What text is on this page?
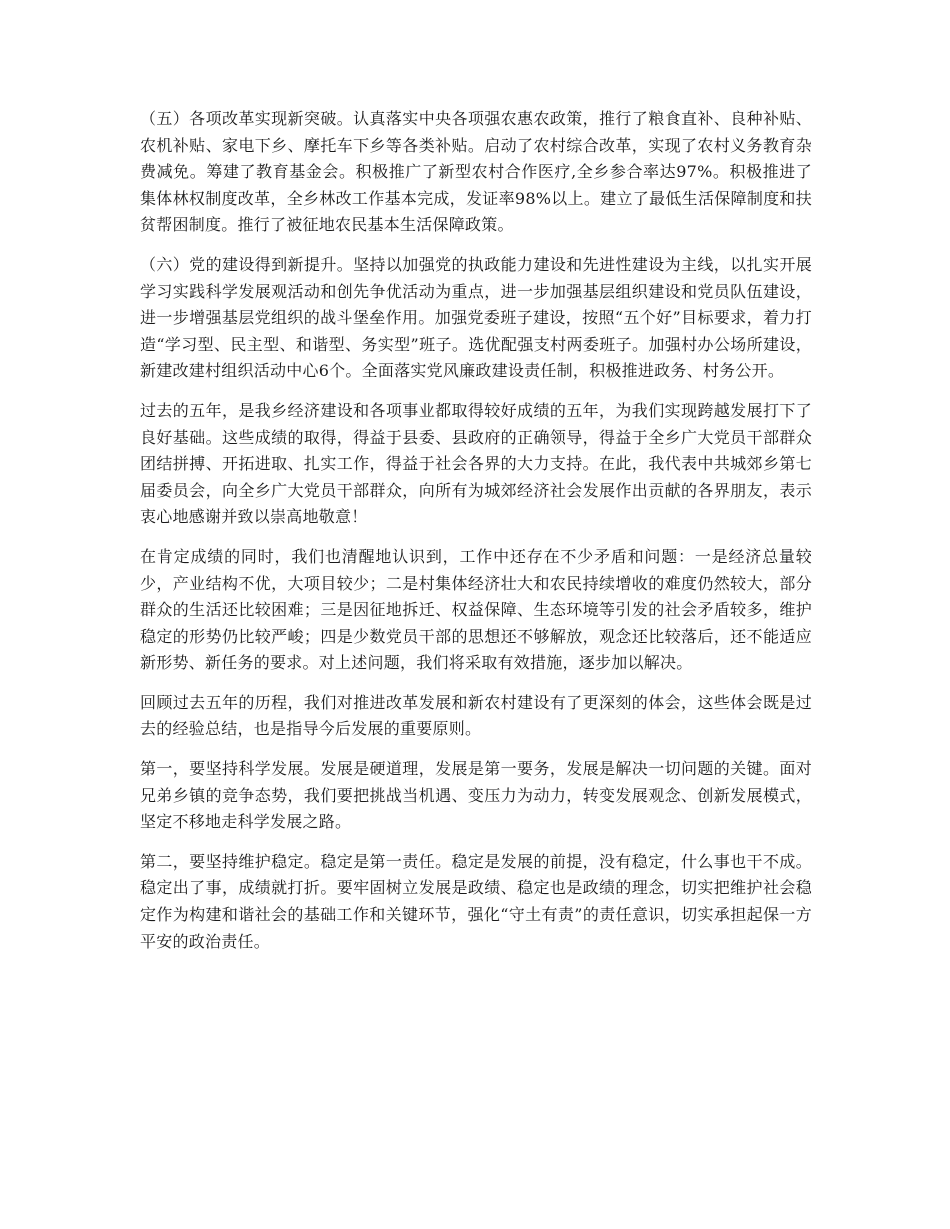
（五）各项改革实现新突破。认真落实中央各项强农惠农政策，推行了粮食直补、良种补贴、农机补贴、家电下乡、摩托车下乡等各类补贴。启动了农村综合改革，实现了农村义务教育杂费减免。筹建了教育基金会。积极推广了新型农村合作医疗,全乡参合率达97%。积极推进了集体林权制度改革，全乡林改工作基本完成，发证率98%以上。建立了最低生活保障制度和扶贫帮困制度。推行了被征地农民基本生活保障政策。

（六）党的建设得到新提升。坚持以加强党的执政能力建设和先进性建设为主线，以扎实开展学习实践科学发展观活动和创先争优活动为重点，进一步加强基层组织建设和党员队伍建设，进一步增强基层党组织的战斗堡垒作用。加强党委班子建设，按照“五个好”目标要求，着力打造“学习型、民主型、和谐型、务实型”班子。选优配强支村两委班子。加强村办公场所建设，新建改建村组织活动中心6个。全面落实党风廉政建设责任制，积极推进政务、村务公开。

过去的五年，是我乡经济建设和各项事业都取得较好成绩的五年，为我们实现跨越发展打下了良好基础。这些成绩的取得，得益于县委、县政府的正确领导，得益于全乡广大党员干部群众团结拼搏、开拓进取、扎实工作，得益于社会各界的大力支持。在此，我代表中共城郊乡第七届委员会，向全乡广大党员干部群众，向所有为城郊经济社会发展作出贡献的各界朋友，表示衷心地感谢并致以崇高地敬意！

在肯定成绩的同时，我们也清醒地认识到，工作中还存在不少矛盾和问题：一是经济总量较少，产业结构不优，大项目较少；二是村集体经济壮大和农民持续增收的难度仍然较大，部分群众的生活还比较困难；三是因征地拆迁、权益保障、生态环境等引发的社会矛盾较多，维护稳定的形势仍比较严峻；四是少数党员干部的思想还不够解放，观念还比较落后，还不能适应新形势、新任务的要求。对上述问题，我们将采取有效措施，逐步加以解决。

回顾过去五年的历程，我们对推进改革发展和新农村建设有了更深刻的体会，这些体会既是过去的经验总结，也是指导今后发展的重要原则。

第一，要坚持科学发展。发展是硬道理，发展是第一要务，发展是解决一切问题的关键。面对兄弟乡镇的竞争态势，我们要把挑战当机遇、变压力为动力，转变发展观念、创新发展模式，坚定不移地走科学发展之路。

第二，要坚持维护稳定。稳定是第一责任。稳定是发展的前提，没有稳定，什么事也干不成。稳定出了事，成绩就打折。要牢固树立发展是政绩、稳定也是政绩的理念，切实把维护社会稳定作为构建和谐社会的基础工作和关键环节，强化“守土有责”的责任意识，切实承担起保一方平安的政治责任。
